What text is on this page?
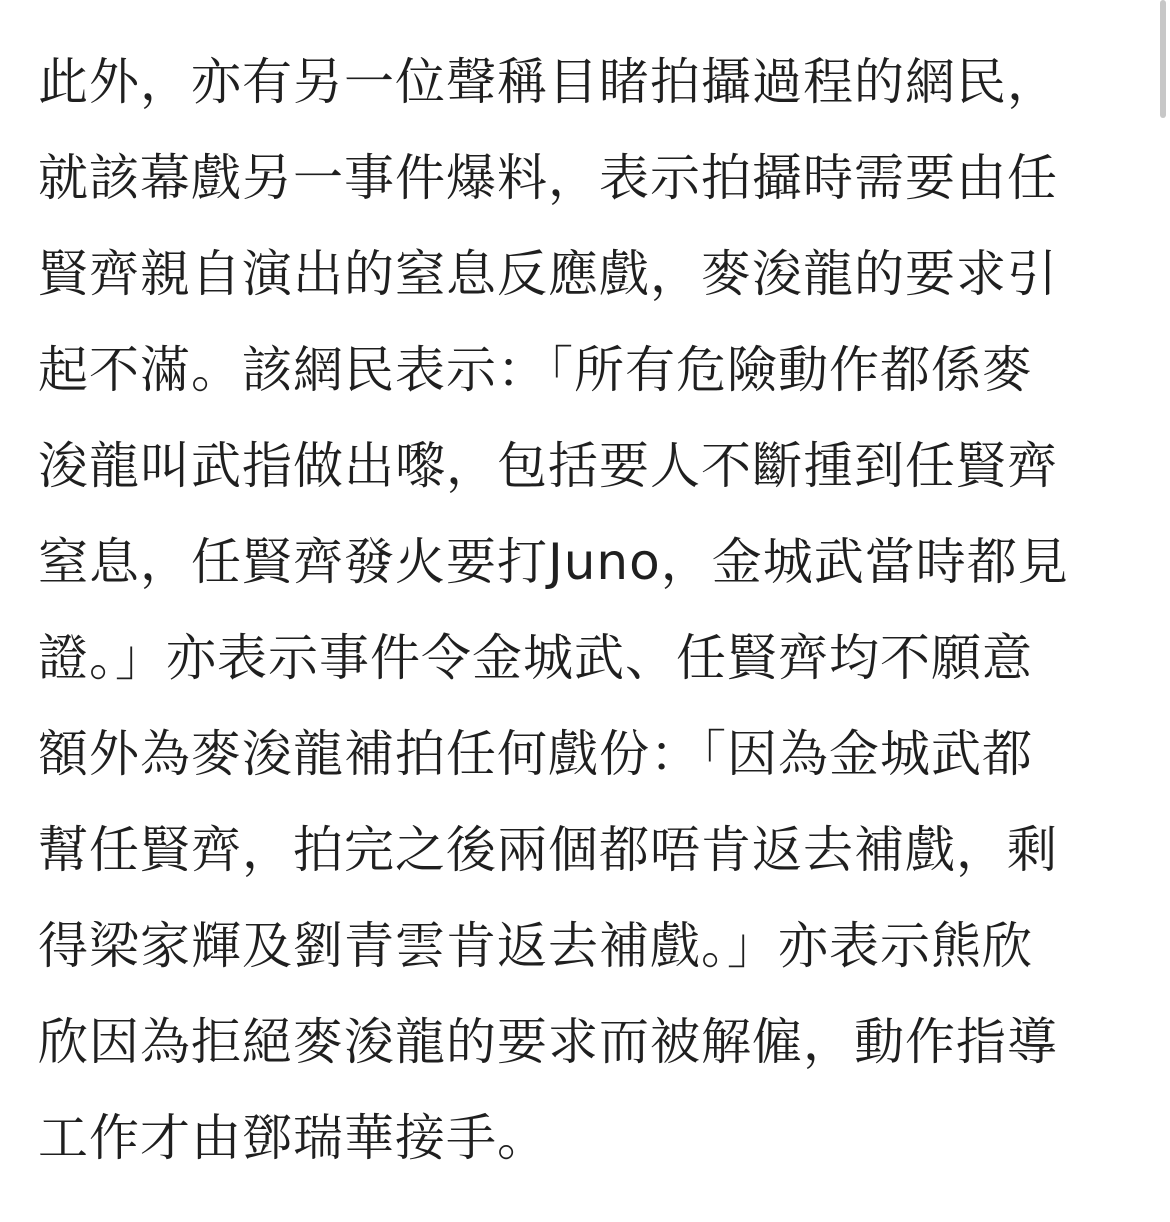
此外，亦有另一位聲稱目睹拍攝過程的網民，
就該幕戲另一事件爆料，表示拍攝時需要由任
賢齊親自演出的窒息反應戲，麥浚龍的要求引
起不滿。該網民表示：「所有危險動作都係麥
浚龍叫武指做出嚟，包括要人不斷揰到任賢齊
窒息，任賢齊發火要打Juno，金城武當時都見
證。」亦表示事件令金城武、任賢齊均不願意
額外為麥浚龍補拍任何戲份：「因為金城武都
幫任賢齊，拍完之後兩個都唔肯返去補戲，剩
得梁家輝及劉青雲肯返去補戲。」亦表示熊欣
欣因為拒絕麥浚龍的要求而被解僱，動作指導
工作才由鄧瑞華接手。
